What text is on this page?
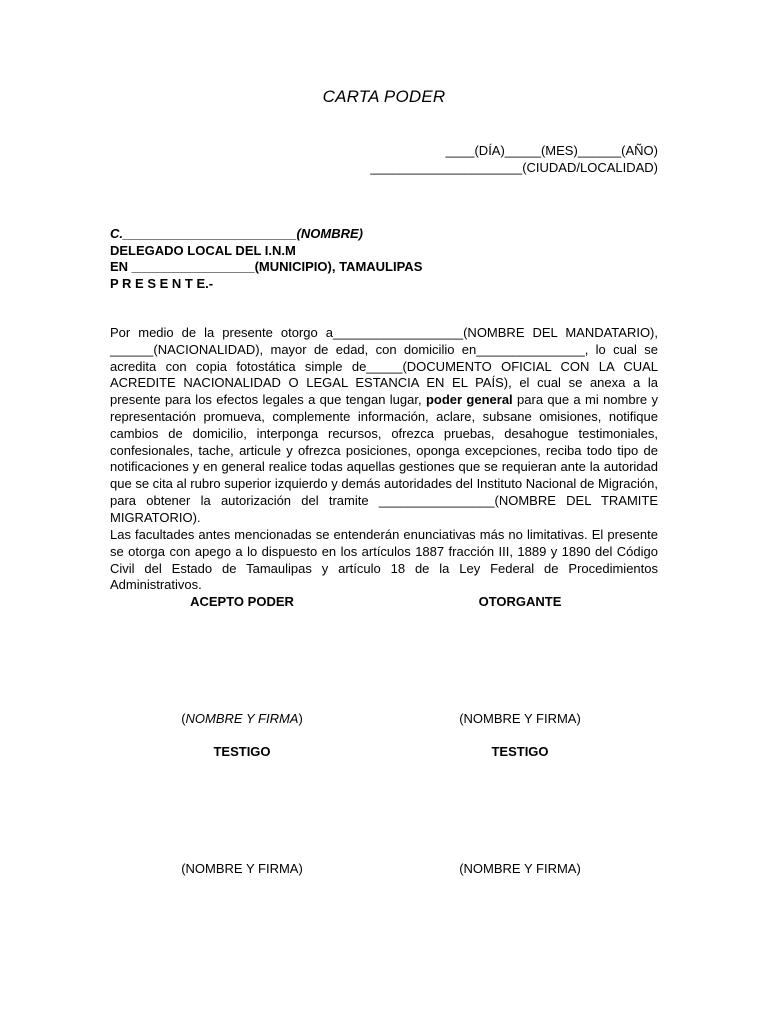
CARTA PODER
____(DÍA)_____(MES)______(AÑO)
_____________________(CIUDAD/LOCALIDAD)
C.________________________(NOMBRE)
DELEGADO LOCAL DEL I.N.M
EN _________________(MUNICIPIO), TAMAULIPAS
P R E S E N T E.-
Por medio de la presente otorgo a__________________(NOMBRE DEL MANDATARIO), ______(NACIONALIDAD), mayor de edad, con domicilio en_______________, lo cual se acredita con copia fotostática simple de_____(DOCUMENTO OFICIAL CON LA CUAL ACREDITE NACIONALIDAD O LEGAL ESTANCIA EN EL PAÍS), el cual se anexa a la presente para los efectos legales a que tengan lugar, poder general para que a mi nombre y representación promueva, complemente información, aclare, subsane omisiones, notifique cambios de domicilio, interponga recursos, ofrezca pruebas, desahogue testimoniales, confesionales, tache, articule y ofrezca posiciones, oponga excepciones, reciba todo tipo de notificaciones y en general realice todas aquellas gestiones que se requieran ante la autoridad que se cita al rubro superior izquierdo y demás autoridades del Instituto Nacional de Migración, para obtener la autorización del tramite ________________(NOMBRE DEL TRAMITE MIGRATORIO).
Las facultades antes mencionadas se entenderán enunciativas más no limitativas. El presente se otorga con apego a lo dispuesto en los artículos 1887 fracción III, 1889 y 1890 del Código Civil del Estado de Tamaulipas y artículo 18 de la Ley Federal de Procedimientos Administrativos.
ACEPTO PODER	OTORGANTE
(NOMBRE Y FIRMA)	(NOMBRE Y FIRMA)
TESTIGO	TESTIGO
(NOMBRE Y FIRMA)	(NOMBRE Y FIRMA)
